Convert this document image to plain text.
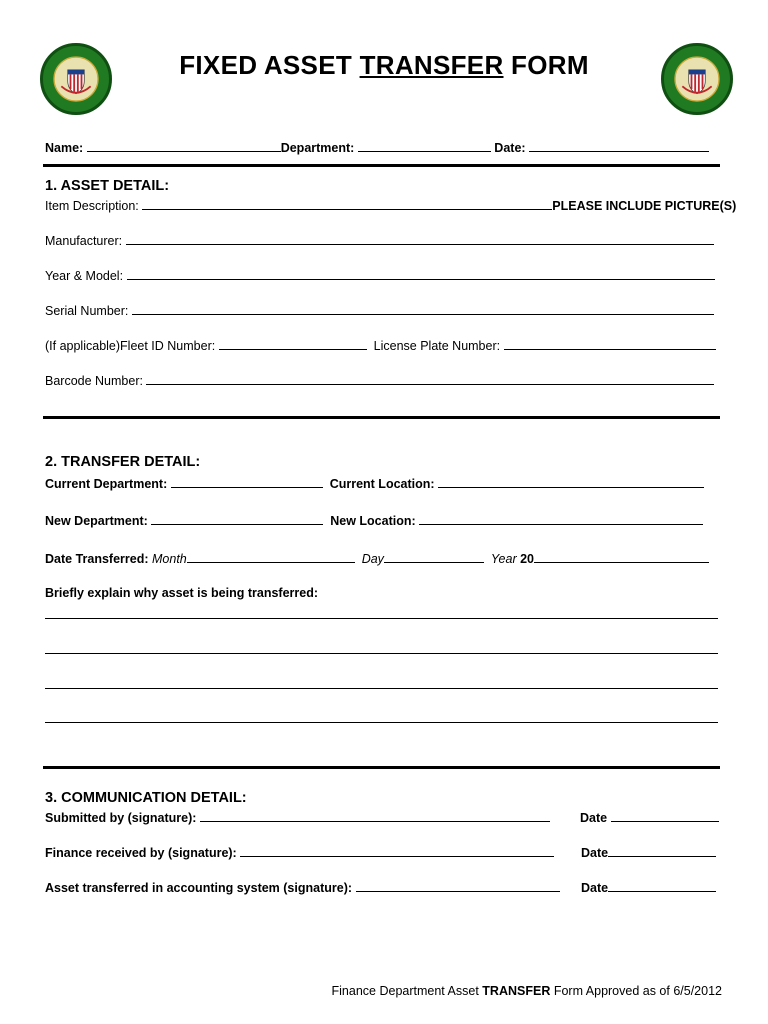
FIXED ASSET TRANSFER FORM
Name:	Department:	Date:
1. ASSET DETAIL:
Item Description:	PLEASE INCLUDE PICTURE(S)
Manufacturer:
Year & Model:
Serial Number:
(If applicable)Fleet ID Number:	License Plate Number:
Barcode Number:
2. TRANSFER DETAIL:
Current Department:	Current Location:
New Department:	New Location:
Date Transferred: Month	Day	Year 20
Briefly explain why asset is being transferred:
3. COMMUNICATION DETAIL:
Submitted by (signature):	Date
Finance received by (signature):	Date
Asset transferred in accounting system (signature):	Date
Finance Department Asset TRANSFER Form Approved as of 6/5/2012
